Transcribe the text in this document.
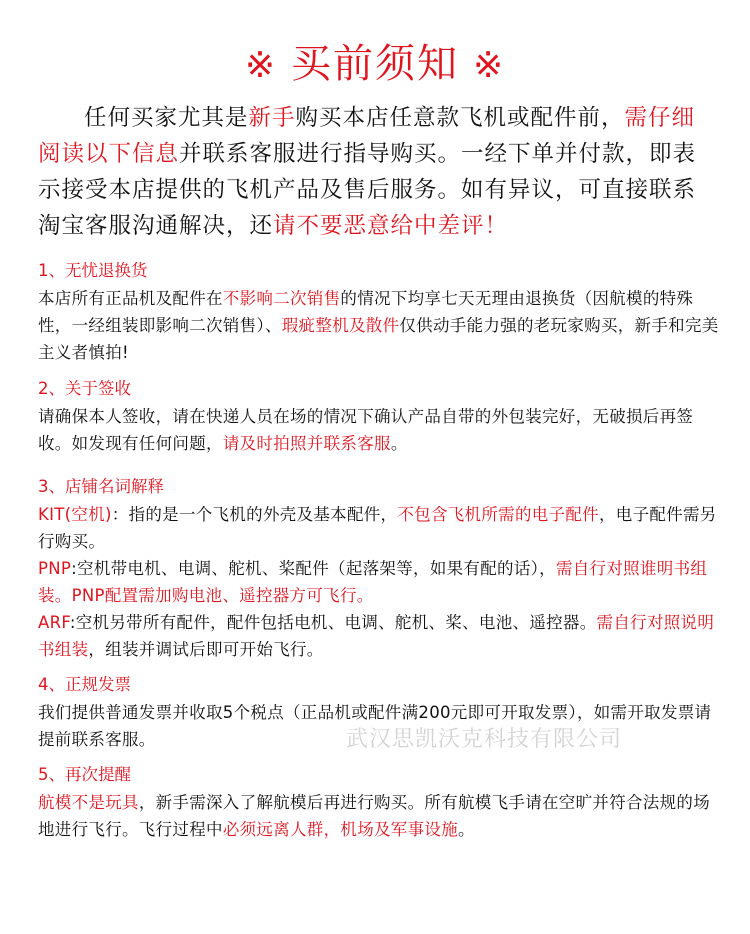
※ 买前须知 ※
任何买家尤其是新手购买本店任意款飞机或配件前，需仔细阅读以下信息并联系客服进行指导购买。一经下单并付款，即表示接受本店提供的飞机产品及售后服务。如有异议，可直接联系淘宝客服沟通解决，还请不要恶意给中差评！
1、无忧退换货
本店所有正品机及配件在不影响二次销售的情况下均享七天无理由退换货（因航模的特殊性，一经组装即影响二次销售）、瑕疵整机及散件仅供动手能力强的老玩家购买，新手和完美主义者慎拍!
2、关于签收
请确保本人签收，请在快递人员在场的情况下确认产品自带的外包装完好，无破损后再签收。如发现有任何问题，请及时拍照并联系客服。
3、店铺名词解释
KIT(空机)：指的是一个飞机的外壳及基本配件，不包含飞机所需的电子配件，电子配件需另行购买。
PNP:空机带电机、电调、舵机、桨配件（起落架等，如果有配的话），需自行对照谁明书组装。PNP配置需加购电池、遥控器方可飞行。
ARF:空机另带所有配件，配件包括电机、电调、舵机、桨、电池、遥控器。需自行对照说明书组装，组装并调试后即可开始飞行。
4、正规发票
我们提供普通发票并收取5个税点（正品机或配件满200元即可开取发票），如需开取发票请提前联系客服。	武汉思凯沃克科技有限公司
5、再次提醒
航模不是玩具，新手需深入了解航模后再进行购买。所有航模飞手请在空旷并符合法规的场地进行飞行。飞行过程中必须远离人群，机场及军事设施。
